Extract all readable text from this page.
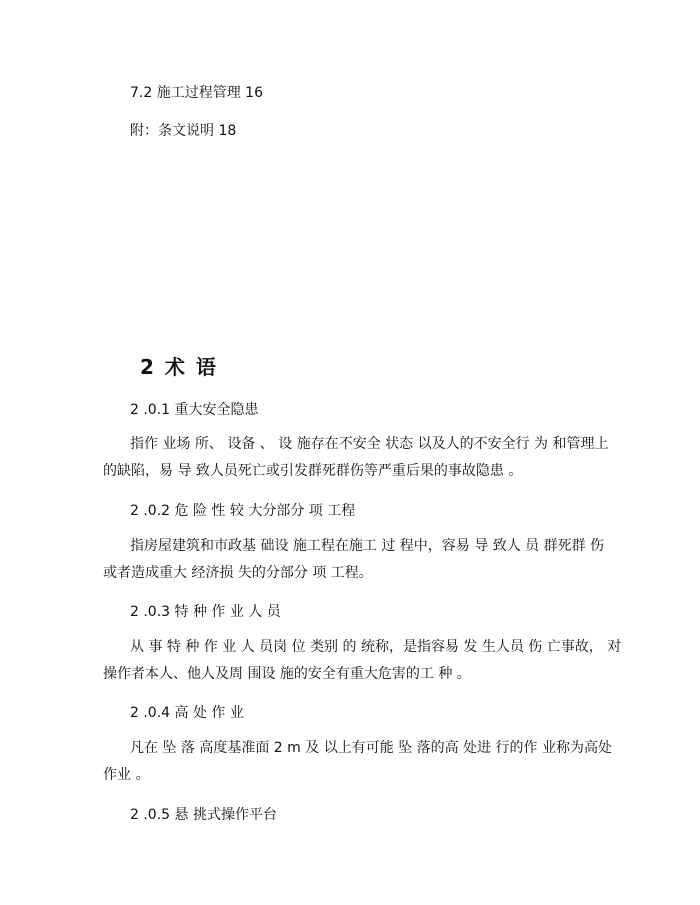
7.2 施工过程管理 16
附：条文说明 18
2 术 语
2 .0.1 重大安全隐患
指作 业场 所、 设备 、 设 施存在不安全 状态 以及人的不安全行 为 和管理上
的缺陷，易 导 致人员死亡或引发群死群伤等严重后果的事故隐患 。
2 .0.2 危 险 性 较 大分部分 项 工程
指房屋建筑和市政基 础设 施工程在施工 过 程中，容易 导 致人 员 群死群 伤
或者造成重大 经济损 失的分部分 项 工程。
2 .0.3 特 种 作 业 人 员
从 事 特 种 作 业 人 员岗 位 类别 的 统称，是指容易 发 生人员 伤 亡事故， 对
操作者本人、他人及周 围设 施的安全有重大危害的工 种 。
2 .0.4 高 处 作 业
凡在 坠 落 高度基准面 2 m 及 以上有可能 坠 落的高 处进 行的作 业称为高处
作业 。
2 .0.5 悬 挑式操作平台
